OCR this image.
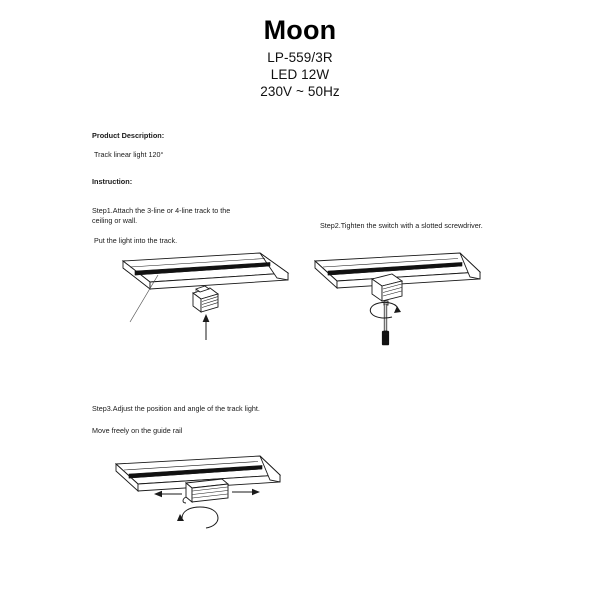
Moon
LP-559/3R
LED 12W
230V ~ 50Hz
Product Description:
Track linear light 120°
Instruction:
Step1.Attach the 3-line or 4-line track to the ceiling or wall.
Put the light into the track.
Step2.Tighten the switch with a slotted screwdriver.
Step3.Adjust the position and angle of the track light.
Move freely on the guide rail
